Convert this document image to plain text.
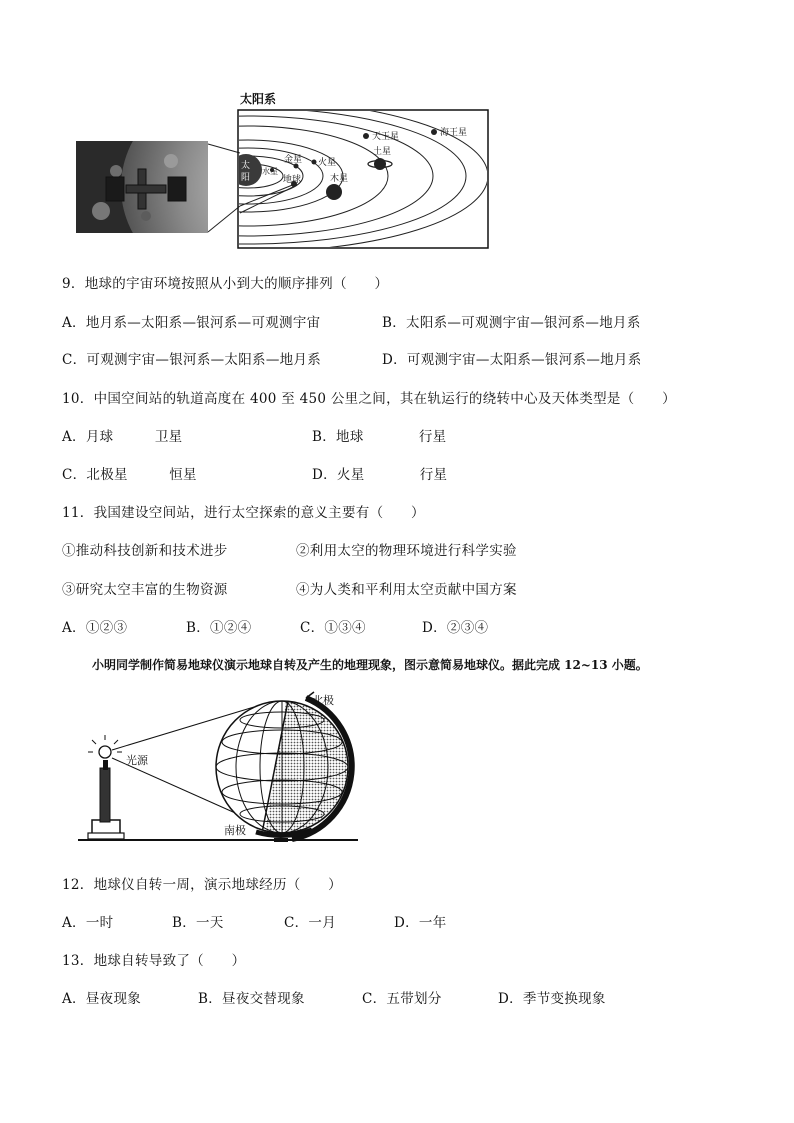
太阳系
太
阳
水星
金星
地球
火星
木星
土星
天王星	海王星
9．地球的宇宙环境按照从小到大的顺序排列（　　）
A．地月系—太阳系—银河系—可观测宇宙	B．太阳系—可观测宇宙—银河系—地月系
C．可观测宇宙—银河系—太阳系—地月系	D．可观测宇宙—太阳系—银河系—地月系
10．中国空间站的轨道高度在 400 至 450 公里之间，其在轨运行的绕转中心及天体类型是（　　）
A．月球　　　卫星	B．地球　　　　行星
C．北极星　　　恒星	D．火星　　　　行星
11．我国建设空间站，进行太空探索的意义主要有（　　）
①推动科技创新和技术进步	②利用太空的物理环境进行科学实验
③研究太空丰富的生物资源	④为人类和平利用太空贡献中国方案
A．①②③	B．①②④	C．①③④	D．②③④
小明同学制作简易地球仪演示地球自转及产生的地理现象，图示意简易地球仪。据此完成 12~13 小题。
光源
北极
南极
12．地球仪自转一周，演示地球经历（　　）
A．一时	B．一天	C．一月	D．一年
13．地球自转导致了（　　）
A．昼夜现象	B．昼夜交替现象	C．五带划分	D．季节变换现象
